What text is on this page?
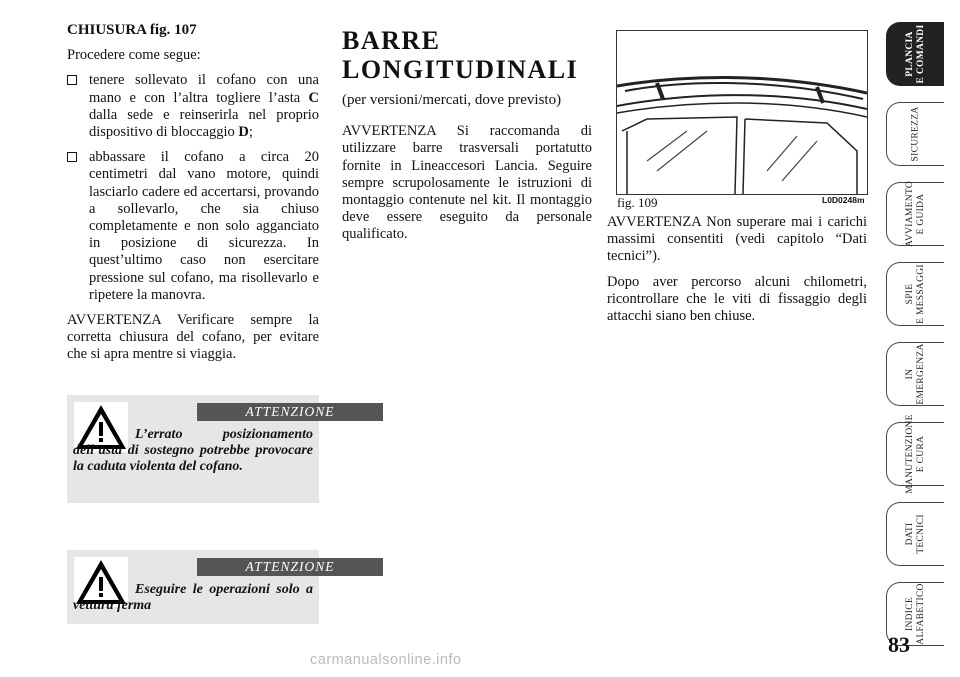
CHIUSURA fig. 107

Procedere come segue:

tenere sollevato il cofano con una mano e con l’altra togliere l’asta C dalla sede e reinserirla nel proprio dispositivo di bloccaggio D;

abbassare il cofano a circa 20 centimetri dal vano motore, quindi lasciarlo cadere ed accertarsi, provando a sollevarlo, che sia chiuso completamente e non solo agganciato in posizione di sicurezza. In quest’ultimo caso non esercitare pressione sul cofano, ma risollevarlo e ripetere la manovra.

AVVERTENZA Verificare sempre la corretta chiusura del cofano, per evitare che si apra mentre si viaggia.

ATTENZIONE
L’errato posizionamento dell’asta di sostegno potrebbe provocare la caduta violenta del cofano.
ATTENZIONE
Eseguire le operazioni solo a vettura ferma

BARRE
LONGITUDINALI

(per versioni/mercati, dove previsto)

AVVERTENZA Si raccomanda di utilizzare barre trasversali portatutto fornite in Lineaccesori Lancia. Seguire sempre scrupolosamente le istruzioni di montaggio contenute nel kit. Il montaggio deve essere eseguito da personale qualificato.

fig. 109	L0D0248m

AVVERTENZA Non superare mai i carichi massimi consentiti (vedi capitolo “Dati tecnici”).

Dopo aver percorso alcuni chilometri, ricontrollare che le viti di fissaggio degli attacchi siano ben chiuse.

PLANCIA
E COMANDI
SICUREZZA
AVVIAMENTO
E GUIDA
SPIE
E MESSAGGI
IN
EMERGENZA
MANUTENZIONE
E CURA
DATI
TECNICI
INDICE
ALFABETICO
83
carmanualsonline.info
